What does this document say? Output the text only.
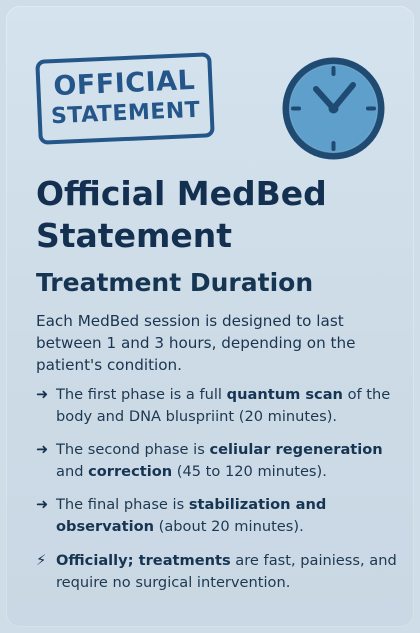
OFFICIAL
STATEMENT
Official MedBed
Statement
Treatment Duration

Each MedBed session is designed to last between 1 and 3 hours, depending on the patient's condition.

➜ The first phase is a full quantum scan of the body and DNA bluspriint (20 minutes).
➜ The second phase is celiular regeneration and correction (45 to 120 minutes).
➜ The final phase is stabilization and observation (about 20 minutes).
⚡ Officially; treatments are fast, painiess, and require no surgical intervention.
